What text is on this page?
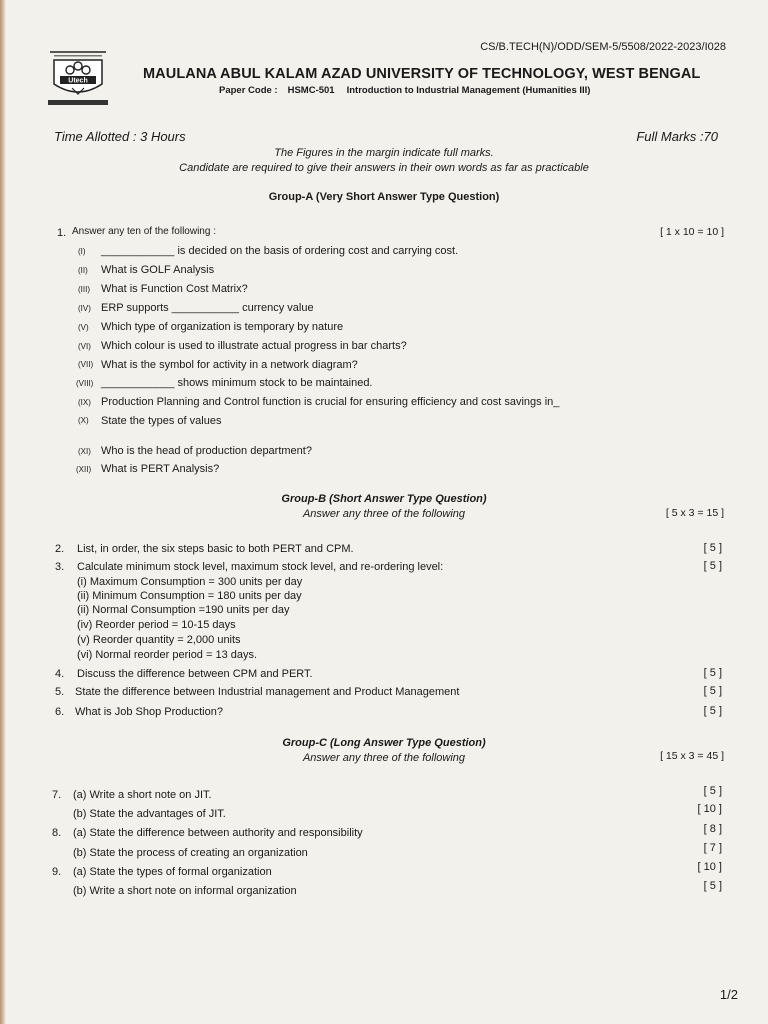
CS/B.TECH(N)/ODD/SEM-5/5508/2022-2023/I028
Utech	MAULANA ABUL KALAM AZAD UNIVERSITY OF TECHNOLOGY, WEST BENGAL
Paper Code : HSMC-501 Introduction to Industrial Management (Humanities III)
Time Allotted : 3 Hours	Full Marks :70
The Figures in the margin indicate full marks.
Candidate are required to give their answers in their own words as far as practicable
Group-A (Very Short Answer Type Question)
1. Answer any ten of the following :	[ 1 x 10 = 10 ]
(I) ____________ is decided on the basis of ordering cost and carrying cost.
(II) What is GOLF Analysis
(III) What is Function Cost Matrix?
(IV) ERP supports ___________ currency value
(V) Which type of organization is temporary by nature
(VI) Which colour is used to illustrate actual progress in bar charts?
(VII) What is the symbol for activity in a network diagram?
(VIII) ____________ shows minimum stock to be maintained.
(IX) Production Planning and Control function is crucial for ensuring efficiency and cost savings in_
(X) State the types of values
(XI) Who is the head of production department?
(XII) What is PERT Analysis?
Group-B (Short Answer Type Question)
Answer any three of the following	[ 5 x 3 = 15 ]
2. List, in order, the six steps basic to both PERT and CPM.	[ 5 ]
3. Calculate minimum stock level, maximum stock level, and re-ordering level:	[ 5 ]
(i) Maximum Consumption = 300 units per day
(ii) Minimum Consumption = 180 units per day
(ii) Normal Consumption =190 units per day
(iv) Reorder period = 10-15 days
(v) Reorder quantity = 2,000 units
(vi) Normal reorder period = 13 days.
4. Discuss the difference between CPM and PERT.	[ 5 ]
5. State the difference between Industrial management and Product Management	[ 5 ]
6. What is Job Shop Production?	[ 5 ]
Group-C (Long Answer Type Question)
Answer any three of the following	[ 15 x 3 = 45 ]
7. (a) Write a short note on JIT.	[ 5 ]
(b) State the advantages of JIT.	[ 10 ]
8. (a) State the difference between authority and responsibility	[ 8 ]
(b) State the process of creating an organization	[ 7 ]
9. (a) State the types of formal organization	[ 10 ]
(b) Write a short note on informal organization	[ 5 ]
1/2
